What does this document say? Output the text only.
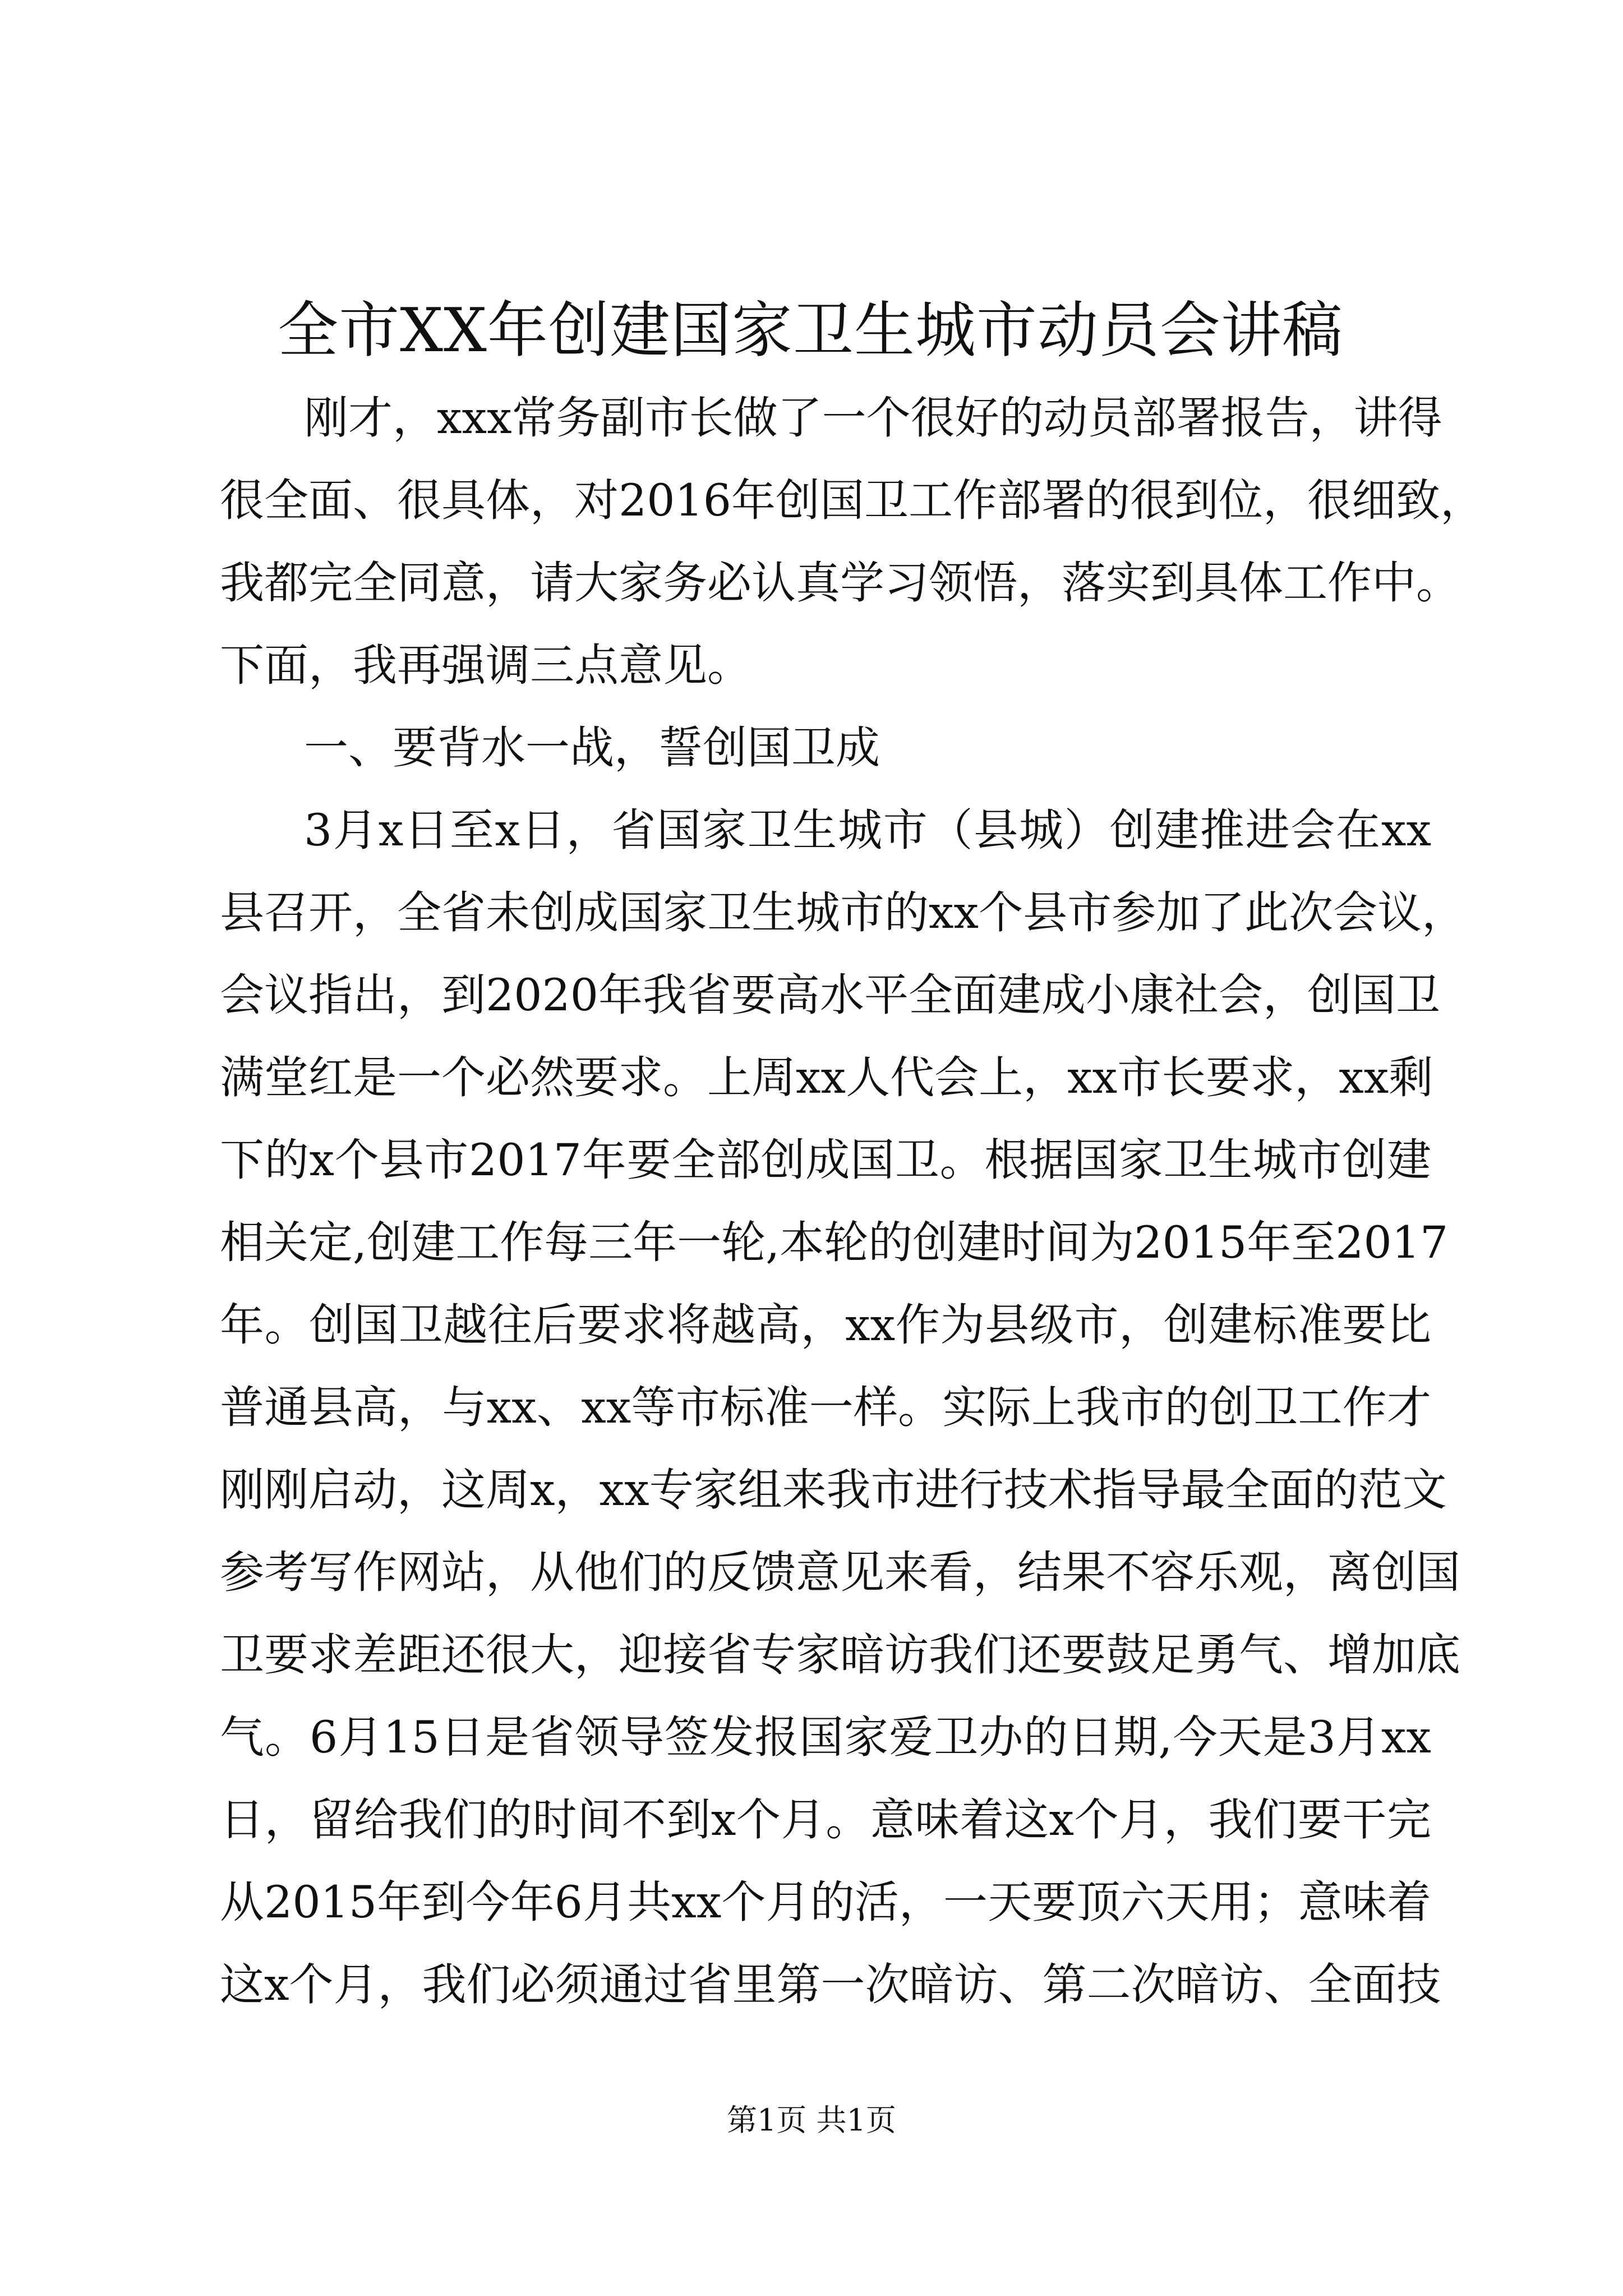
全市XX年创建国家卫生城市动员会讲稿
刚才，xxx常务副市长做了一个很好的动员部署报告，讲得
很全面、很具体，对2016年创国卫工作部署的很到位，很细致，
我都完全同意，请大家务必认真学习领悟，落实到具体工作中。
下面，我再强调三点意见。
一、要背水一战，誓创国卫成
3月x日至x日，省国家卫生城市（县城）创建推进会在xx
县召开，全省未创成国家卫生城市的xx个县市参加了此次会议，
会议指出，到2020年我省要高水平全面建成小康社会，创国卫
满堂红是一个必然要求。上周xx人代会上，xx市长要求，xx剩
下的x个县市2017年要全部创成国卫。根据国家卫生城市创建
相关定,创建工作每三年一轮,本轮的创建时间为2015年至2017
年。创国卫越往后要求将越高，xx作为县级市，创建标准要比
普通县高，与xx、xx等市标准一样。实际上我市的创卫工作才
刚刚启动，这周x，xx专家组来我市进行技术指导最全面的范文
参考写作网站，从他们的反馈意见来看，结果不容乐观，离创国
卫要求差距还很大，迎接省专家暗访我们还要鼓足勇气、增加底
气。6月15日是省领导签发报国家爱卫办的日期,今天是3月xx
日，留给我们的时间不到x个月。意味着这x个月，我们要干完
从2015年到今年6月共xx个月的活，一天要顶六天用；意味着
这x个月，我们必须通过省里第一次暗访、第二次暗访、全面技
第1页 共1页
